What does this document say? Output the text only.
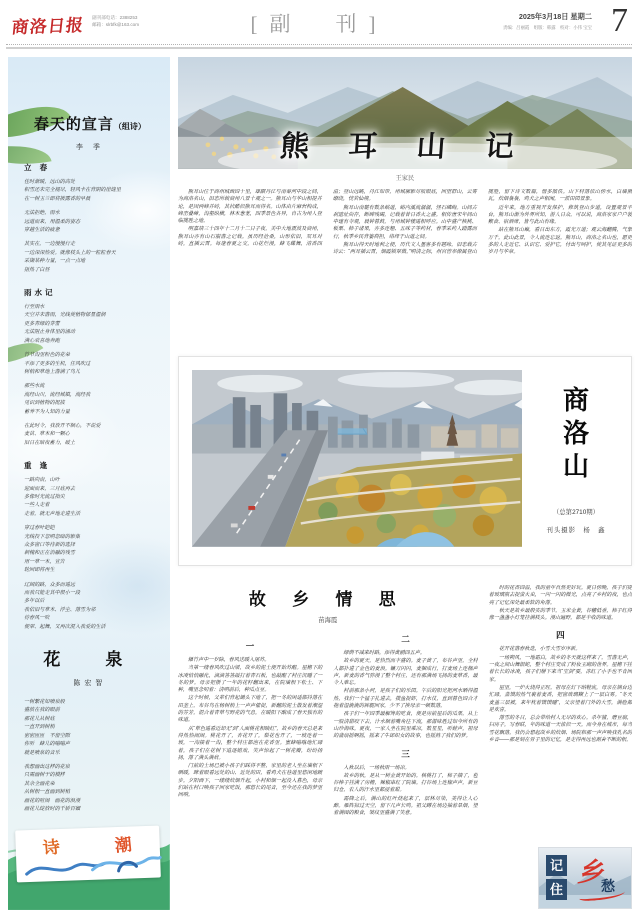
商洛日报 副刊部电话：2388253
邮箱：slrbfk@163.com	[副　刊]	2025年3月18日 星期二
责编：吕丽霞　组版：韩露　校对：小伟 宝宝 7
春天的宣言（组诗）
李 季
立 春
佳时渐暖，远山的高处
积雪还未完全褪尽，轻风卡在背阴的崖缝里
在一树玉兰即将披露香的早晨
无法拒绝，雨水
远道而来，用温柔的姿态
穿越生活的疲惫
其实在，一边慢慢行走
一边深深热爱。就像枝头上的一粒粒春天
采撷某种力量，一点一点地
捂热了白昼
雨水记
行至雨水
天空并未落雨，光线使植物郁显温润
更多青绿的芽蕾
无法阻止身体里的涌动
满心欢喜地奔跑
竹节沟里粉色的花朵
平添了更多的生机，任风吹过
树梢和草地上落满了鸟儿
那些水流
流经山川，流经城镇，流经我
见识到植物的挺拔
蓄养不为人知的力量
在此时令，我放开不顺心，不说爱
麦苗、草木和一颗心
旧日在暗夜蓄力，破土
重 逢
一路向南，山叶
迎面而来，三月底再去
多像时光流过指尖
一些人走着
走着，就无声地走进生活
穿过春叶皑皑
光线投下忽明忽暗的影集
众多窗口等待新的选择
刺槐和正在消融的残雪
用一草一木，宣告
轮回即将再生
辽阔的路，众多而遥远
而我只能走其中很小一段
多年以后
我依旧与草木、浮尘、落雪为邻
待春风一吹
便翠、起舞，又再次混入我爱的生活
花　泉
陈宏智
一树繁花如喷泉般
盛放在我的眼前
那花儿从树底
一直开到树梢
密密匝匝　不留空隙
你听　蜂儿的嗡嗡声
就是喷泉的音乐
我想画出这样的花泉
只需画树干的模样
其余全画花朵
从树根一直画到树梢
画花的喧闹　画花的浪漫
画花儿绽放时的千娇百媚
诗	潮
熊 耳 山 记
王家民
熊耳山位于商州城西四十里，雄踞丹江与南秦河中段之间，为商洛名山，旧志所载商州八景十观之一。熊耳山与华山相提并论，是因两峰并峙，其状酷似熊耳而得名。山体由片麻岩构成，峰峦叠嶂，沟壑纵横，林木葱茏，四季景色各异，自古为州人登临揽胜之地。
明嘉靖三十四年十二月十二日子夜，关中大地震波及商州，熊耳山亦有山石崩落之记载。虽历经沧桑，山形依旧，双耳对峙，直插云霄。每逢春夏之交，山花烂漫，蜂飞蝶舞，清香四溢；登山远眺，丹江如带，州城廓影尽收眼底，回望群山，云雾缭绕，恍若仙境。
熊耳山南麓有数条峪道，峪内溪流潺潺，怪石嶙峋。山间古刹遗址尚存，断碑残碣，记载着昔日香火之盛。相传唐宋年间山中建有寺观，晨钟暮鼓，与州城钟楼遥相呼应。山中盛产核桃、板栗、柿子诸果，亦多连翘、五味子等药材，春季采药人踏露而行，秋季乡民背篓荷担，络绎于山道之间。
熊耳山得天时地利之便，历代文人墨客多有题咏。旧志载古诗云：“两耳插云霄，烟霞锁翠微。”明清之际，州官曾率僚属登山揽胜，留下诗文数篇，惜多散佚。山下村落依山傍水，白墙黛瓦，炊烟袅袅，鸡犬之声相闻，一派田园景象。
近年来，地方重视开发保护，修筑登山步道，设置观景平台，熊耳山渐为外界所知，游人日众。可以说，商洛家家户户装糇食、宿酒席，皆与此山有缘。
站在熊耳山巅，看日出东方，霞光万道；观云海翻腾，气象万千。此山此景，令人流连忘返。熊耳山，商洛之名山也，愿更多的人走近它、认识它、爱护它，付出与呵护，使其见证更多的岁月与华章。
商
洛
山
（总第2710期）
刊头摄影　杨　鑫
故 乡 情 思
苗海霞
一
爆竹声中一岁除，春风送暖入屠苏。
当第一缕春风吹过山梁，故乡的泥土便开始苏醒。屋檐下的冰凌悄悄融化，滴滴答答敲打着青石板，也敲醒了村庄沉睡了一冬的梦。母亲把攒了一年的花籽翻出来，在院墙根下松土、下种，嘴里念叨着：清明前后，种瓜点豆。
这个时候，父辈们背起锄头下地了，把一冬的闲适都抖落在田垄上。布谷鸟在杨树梢上一声声催促，新翻的泥土散发着潮湿的芬芳，混合着青草与野花的气息，在暖阳下酿成了春天独有的味道。
从“草色遥看近却无”到“人面桃花相映红”，故乡的春天总是来得热热闹闹。桃花开了，杏花开了，梨花也开了，一坡连着一坡，一沟接着一沟，整个村庄都泡在花香里。蜜蜂嗡嗡地忙碌着，孩子们在花树下追逐嬉戏，笑声惊起了一树花瓣，纷纷扬扬，落了满头满肩。
门前的土场已被小孩子们踩得平整，家里的老人坐在墙根下晒暖，眯着眼看远处的山、近处的田，看鸡犬在巷道里悠闲地踱步。夕阳西下，一缕缕炊烟升起，小村和烟一起没入暮色，母亲们站在村口唤孩子回家吃饭，那悠长的尾音，至今还在我的梦里回响。
二
绿荫不减来时路，添得黄鹂四五声。
故乡的夏天，是热烈而丰盛的。麦子黄了，布谷声里，全村人都扑进了金色的麦浪。镰刀闪闪，麦捆成行，打麦场上连枷声声，新麦的香气弥漫了整个村庄，还有那满场飞扬的麦草香，最令人难忘。
村前那条小河，是孩子们的乐园。午后的阳光把河水晒得温热，我们一个猛子扎进去，摸鱼捉虾，打水仗，直到暮色四合才拖着湿漉漉的裤腿回家，少不了挨母亲一顿数落。
孩子们一年四季最解馋的吃食，便是房前屋后的瓜果。从上一股清甜咬下去，汁水顺着嘴角往下流，那滋味胜过如今所有的山珍海味。夏夜，一家人坐在院里乘凉，数星星，听蛙声，祖母的蒲扇摇啊摇，摇来了牛郎织女的故事，也摇熟了我们的梦。
三
入秋以后，一场秋雨一场凉。
故乡的秋，是从一树金黄开始的。核桃打了，柿子摘了，苞谷棒子挂满了房檐，辣椒串红了院墙。打谷场上连枷声声，新豆归仓，农人的汗水里都浸着甜。
霜降之后，满山的红叶烧起来了，层林尽染，美得让人心醉。雁阵掠过天空，留下几声长鸣。祖父蹲在场边抽着旱烟，望着满囤的粮食，皱纹里盛满了笑意。
时的花香四溢，我的童年自然更好玩。夏日傍晚，孩子们提着玻璃瓶去捉萤火虫，一闪一闪的微光，点亮了乡村的夜，也点亮了记忆深处最柔软的角落。
秋天是故乡最殷实的季节。玉米金黄，谷穗低垂，柿子红得像一盏盏小灯笼挂满枝头。漫山遍野，都是丰收的味道。
四
花开花落春秋迭，小雪大雪岁序新。
一场朔风，一地霜白，故乡的冬天就这样来了。雪落无声，一夜之间山舞银蛇，整个村庄变成了粉妆玉砌的世界。屋檐下挂着长长的冰凌，孩子们掰下来当“宝剑”耍，冻红了小手也不肯回家。
屋里，一炉火烧得正旺。祖母在灯下纳鞋底，母亲在锅台边忙碌，蒸馍的热气裹着麦香，把窗玻璃糊上了一层白雾。“冬天麦盖三层被，来年枕着馍馍睡”，父亲望着门外的大雪，满脸都是欢喜。
落雪的冬日，总会带给村人无尽的欢心。杀年猪，磨豆腐，扫房子，写春联，年的味道一天浓似一天。而今身在城市，每当雪花飘落，我仍会想起故乡的炊烟、场院和那一声声唤我乳名的乡音——那是刻在骨子里的记忆，是走得再远也割舍不断的根。
记
住
乡
愁
